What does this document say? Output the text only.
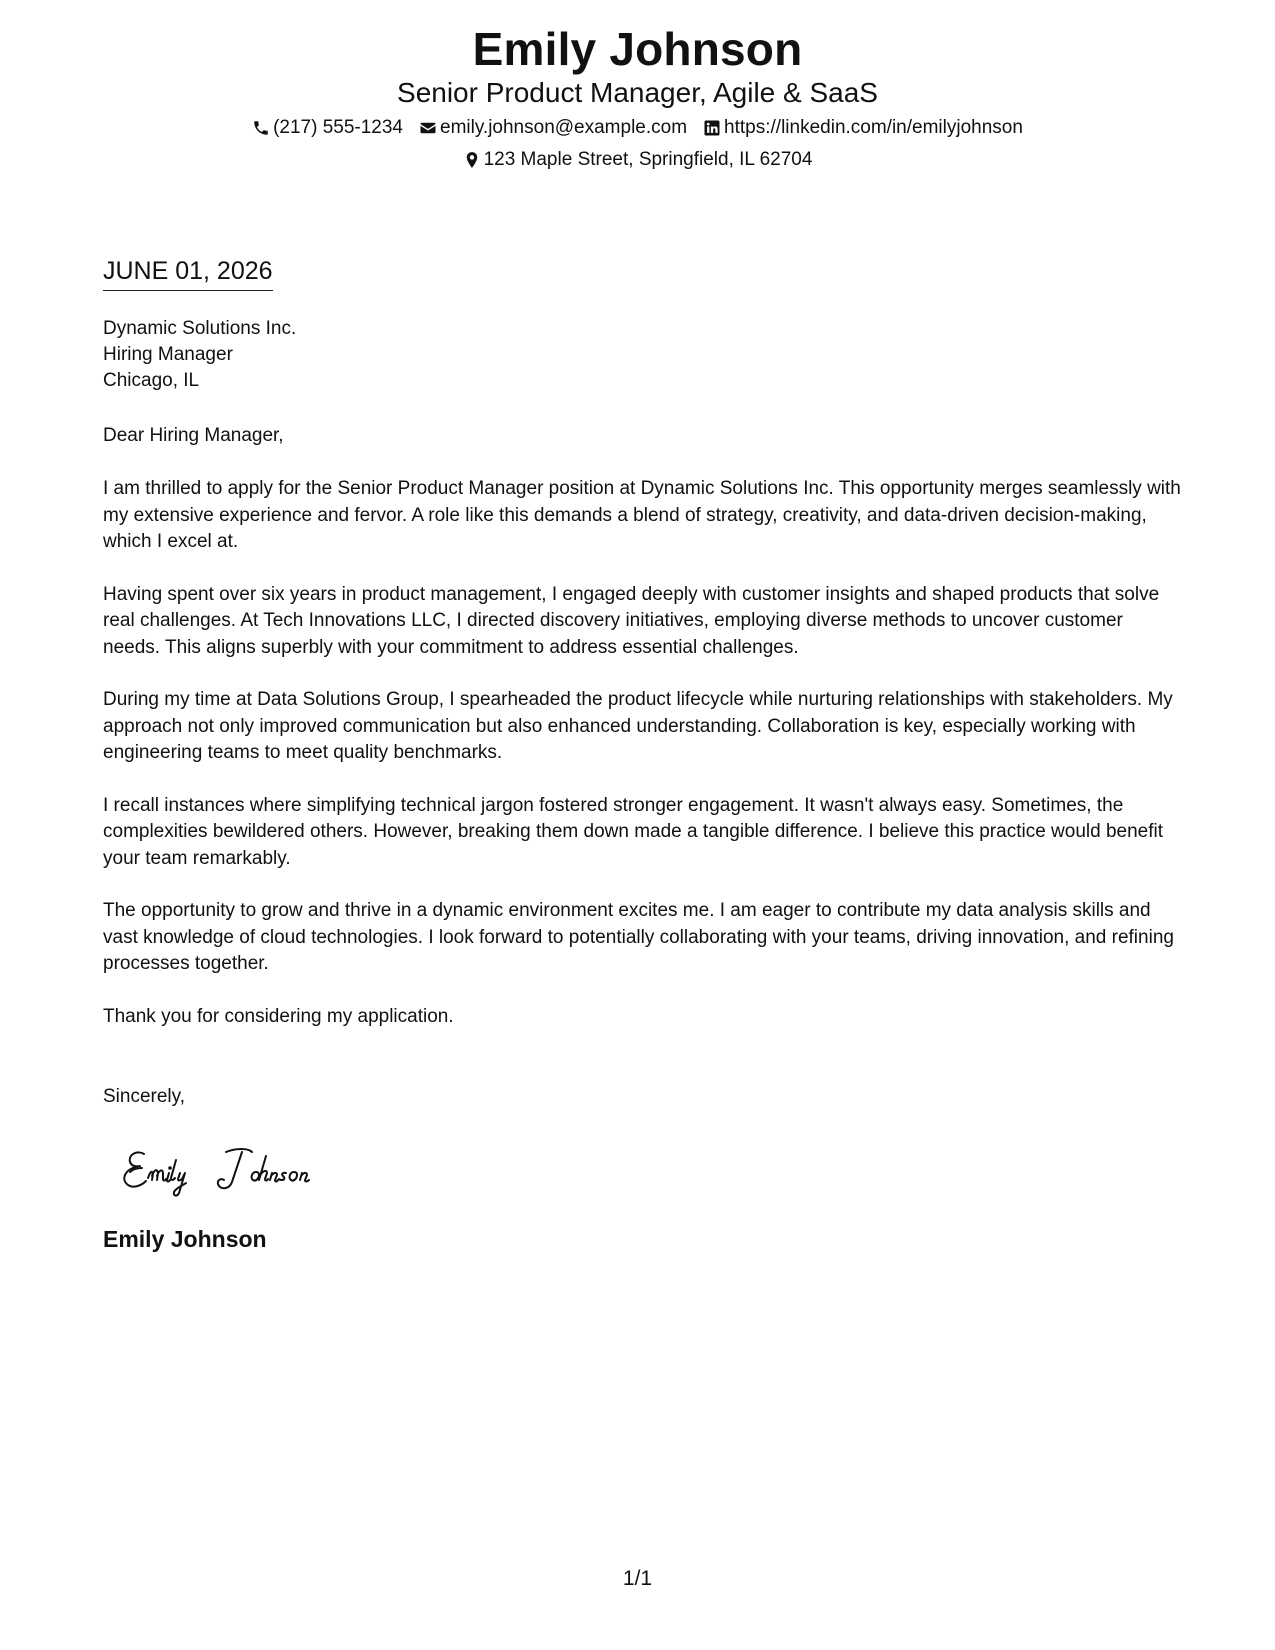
Emily Johnson
Senior Product Manager, Agile & SaaS
(217) 555-1234 emily.johnson@example.com https://linkedin.com/in/emilyjohnson
123 Maple Street, Springfield, IL 62704
JUNE 01, 2026
Dynamic Solutions Inc.
Hiring Manager
Chicago, IL
Dear Hiring Manager,

I am thrilled to apply for the Senior Product Manager position at Dynamic Solutions Inc. This opportunity merges seamlessly with my extensive experience and fervor. A role like this demands a blend of strategy, creativity, and data-driven decision-making, which I excel at.

Having spent over six years in product management, I engaged deeply with customer insights and shaped products that solve real challenges. At Tech Innovations LLC, I directed discovery initiatives, employing diverse methods to uncover customer needs. This aligns superbly with your commitment to address essential challenges.

During my time at Data Solutions Group, I spearheaded the product lifecycle while nurturing relationships with stakeholders. My approach not only improved communication but also enhanced understanding. Collaboration is key, especially working with engineering teams to meet quality benchmarks.

I recall instances where simplifying technical jargon fostered stronger engagement. It wasn't always easy. Sometimes, the complexities bewildered others. However, breaking them down made a tangible difference. I believe this practice would benefit your team remarkably.

The opportunity to grow and thrive in a dynamic environment excites me. I am eager to contribute my data analysis skills and vast knowledge of cloud technologies. I look forward to potentially collaborating with your teams, driving innovation, and refining processes together.

Thank you for considering my application.

Sincerely,
Emily Johnson
1/1
